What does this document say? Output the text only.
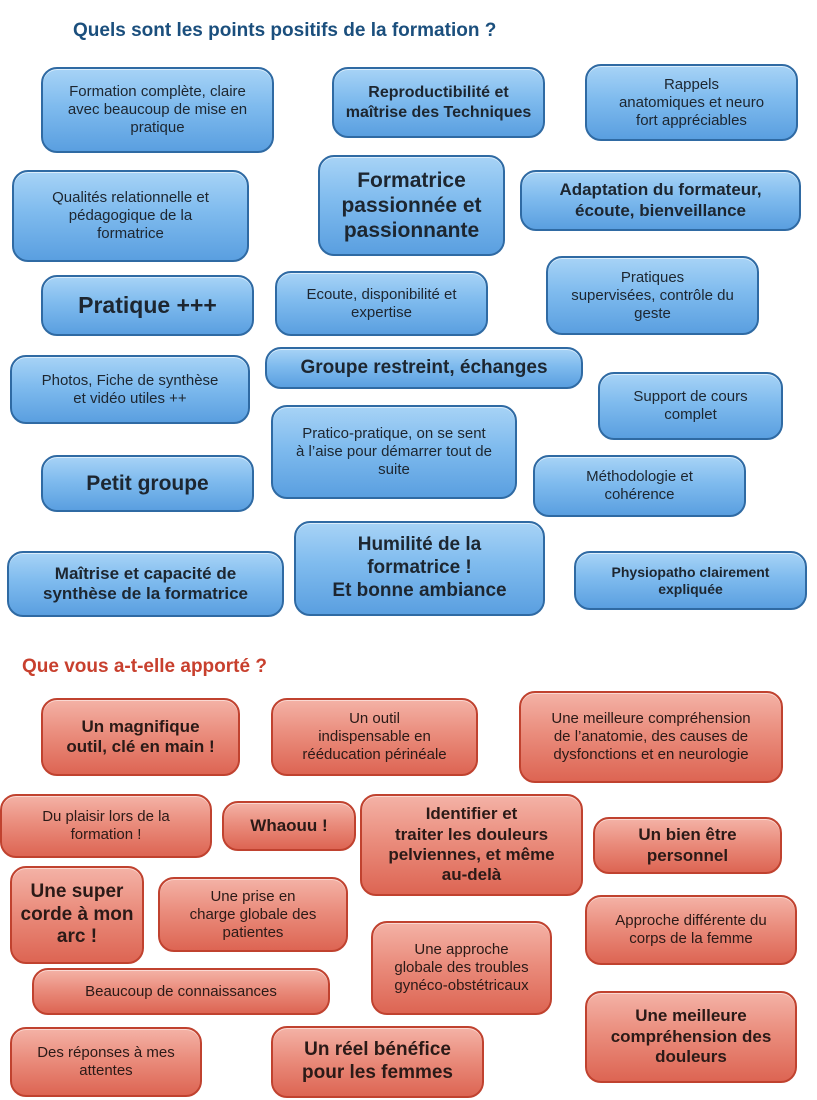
Quels sont les points positifs de la formation ?
Formation complète, claire
avec beaucoup de mise en
pratique
Reproductibilité et
maîtrise des Techniques
Rappels
anatomiques et neuro
fort appréciables
Qualités relationnelle et
pédagogique de la
formatrice
Formatrice
passionnée et
passionnante
Adaptation du formateur,
écoute, bienveillance
Pratique +++	Ecoute, disponibilité et
expertise
Pratiques
supervisées, contrôle du
geste
Photos, Fiche de synthèse
et vidéo utiles ++
Groupe restreint, échanges
Support de cours
complet
Pratico-pratique, on se sent
à l’aise pour démarrer tout de
suite
Petit groupe	Méthodologie et
cohérence
Maîtrise et capacité de
synthèse de la formatrice
Humilité de la
formatrice !
Et bonne ambiance
Physiopatho clairement
expliquée
Que vous a-t-elle apporté ?
Un magnifique
outil, clé en main !
Un outil
indispensable en
rééducation périnéale
Une meilleure compréhension
de l’anatomie, des causes de
dysfonctions et en neurologie
Du plaisir lors de la
formation !	Whaouu !
Identifier et
traiter les douleurs
pelviennes, et même
au-delà
Un bien être
personnel
Une super
corde à mon
arc !
Une prise en
charge globale des
patientes
Approche différente du
corps de la femme
Une approche
globale des troubles
gynéco-obstétricaux
Beaucoup de connaissances
Une meilleure
compréhension des
douleurs
Des réponses à mes
attentes
Un réel bénéfice
pour les femmes
